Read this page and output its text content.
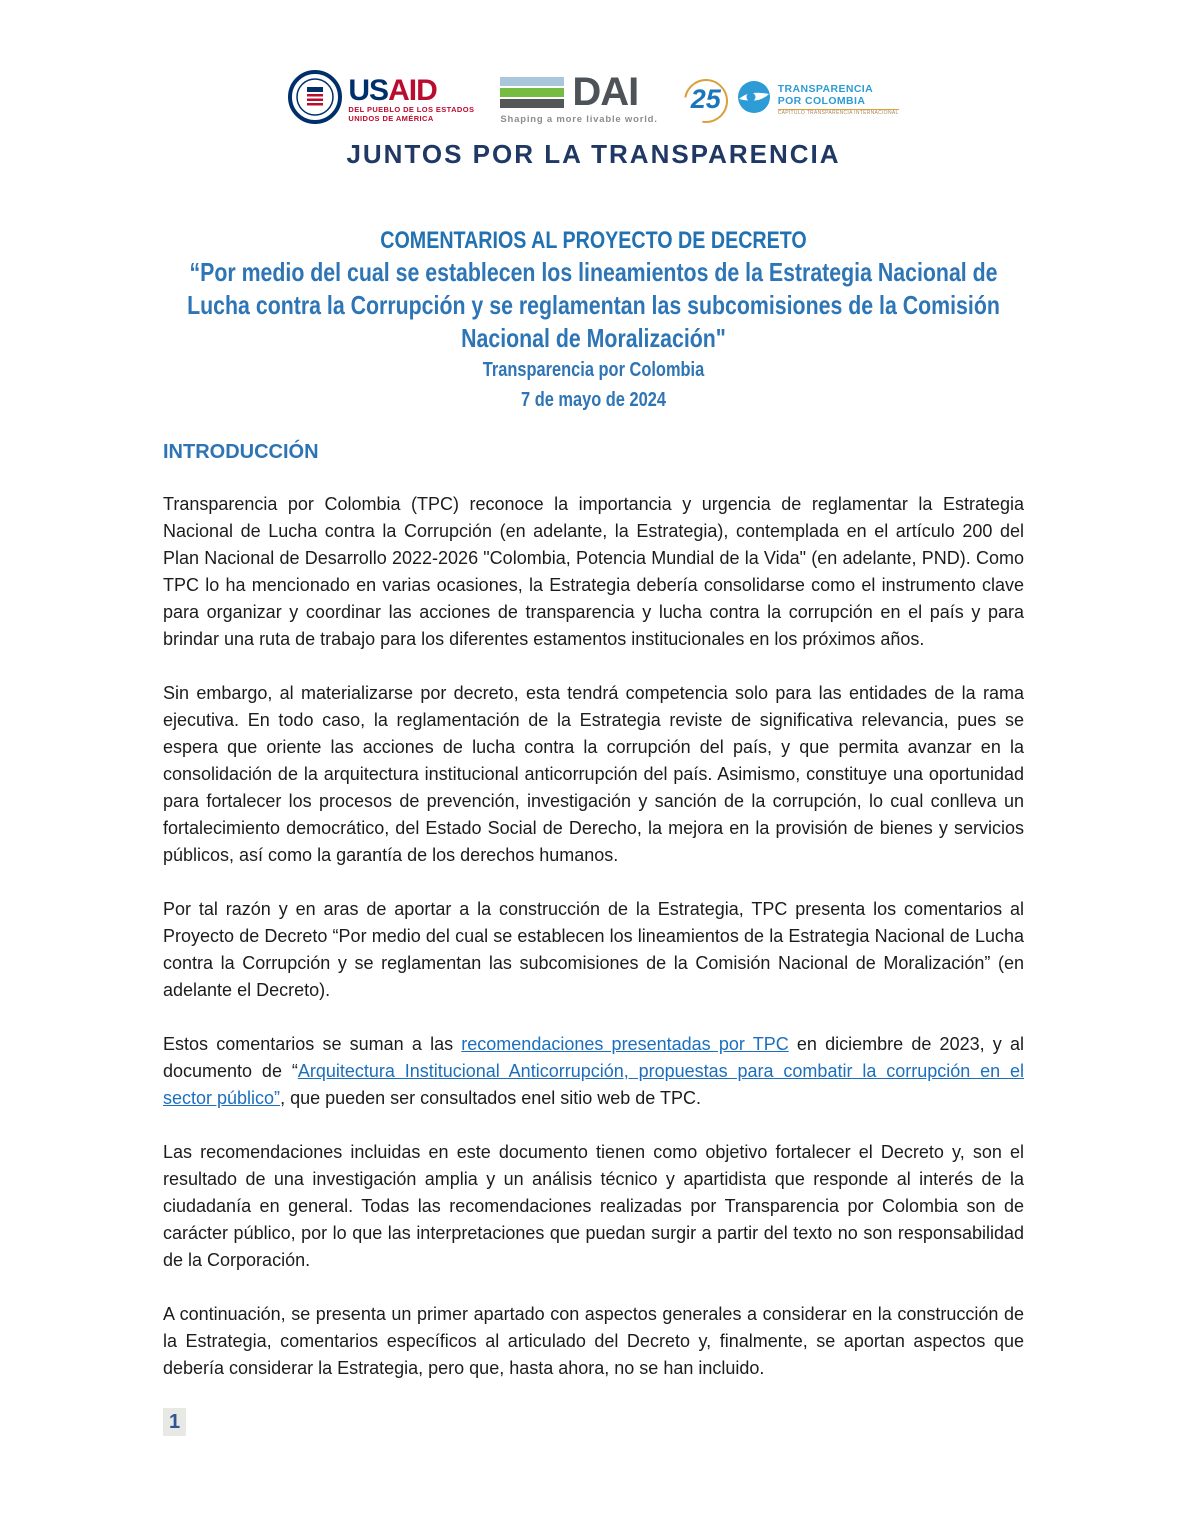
USAID
DEL PUEBLO DE LOS ESTADOS
UNIDOS DE AMÉRICA
DAI
Shaping a more livable world.
25	TRANSPARENCIA
POR COLOMBIA
CAPÍTULO TRANSPARENCIA INTERNACIONAL
JUNTOS POR LA TRANSPARENCIA
COMENTARIOS AL PROYECTO DE DECRETO
“Por medio del cual se establecen los lineamientos de la Estrategia Nacional de Lucha contra la Corrupción y se reglamentan las subcomisiones de la Comisión Nacional de Moralización"
Transparencia por Colombia
7 de mayo de 2024
INTRODUCCIÓN

Transparencia por Colombia (TPC) reconoce la importancia y urgencia de reglamentar la Estrategia Nacional de Lucha contra la Corrupción (en adelante, la Estrategia), contemplada en el artículo 200 del Plan Nacional de Desarrollo 2022-2026 "Colombia, Potencia Mundial de la Vida" (en adelante, PND). Como TPC lo ha mencionado en varias ocasiones, la Estrategia debería consolidarse como el instrumento clave para organizar y coordinar las acciones de transparencia y lucha contra la corrupción en el país y para brindar una ruta de trabajo para los diferentes estamentos institucionales en los próximos años.

Sin embargo, al materializarse por decreto, esta tendrá competencia solo para las entidades de la rama ejecutiva. En todo caso, la reglamentación de la Estrategia reviste de significativa relevancia, pues se espera que oriente las acciones de lucha contra la corrupción del país, y que permita avanzar en la consolidación de la arquitectura institucional anticorrupción del país. Asimismo, constituye una oportunidad para fortalecer los procesos de prevención, investigación y sanción de la corrupción, lo cual conlleva un fortalecimiento democrático, del Estado Social de Derecho, la mejora en la provisión de bienes y servicios públicos, así como la garantía de los derechos humanos.

Por tal razón y en aras de aportar a la construcción de la Estrategia, TPC presenta los comentarios al Proyecto de Decreto “Por medio del cual se establecen los lineamientos de la Estrategia Nacional de Lucha contra la Corrupción y se reglamentan las subcomisiones de la Comisión Nacional de Moralización” (en adelante el Decreto).

Estos comentarios se suman a las recomendaciones presentadas por TPC en diciembre de 2023, y al documento de “Arquitectura Institucional Anticorrupción, propuestas para combatir la corrupción en el sector público”, que pueden ser consultados enel sitio web de TPC.

Las recomendaciones incluidas en este documento tienen como objetivo fortalecer el Decreto y, son el resultado de una investigación amplia y un análisis técnico y apartidista que responde al interés de la ciudadanía en general. Todas las recomendaciones realizadas por Transparencia por Colombia son de carácter público, por lo que las interpretaciones que puedan surgir a partir del texto no son responsabilidad de la Corporación.

A continuación, se presenta un primer apartado con aspectos generales a considerar en la construcción de la Estrategia, comentarios específicos al articulado del Decreto y, finalmente, se aportan aspectos que debería considerar la Estrategia, pero que, hasta ahora, no se han incluido.

1
